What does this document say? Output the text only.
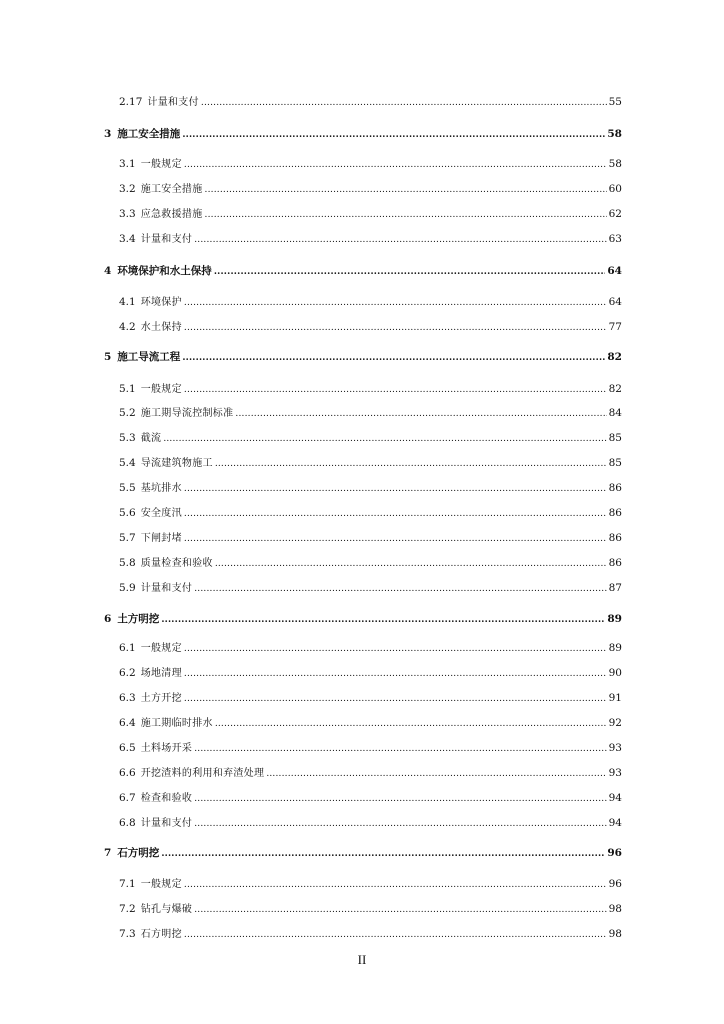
2.17 计量和支付 .....	55
3 施工安全措施 .....	58
3.1 一般规定 .....	58
3.2 施工安全措施 .....	60
3.3 应急救援措施 .....	62
3.4 计量和支付 .....	63
4 环境保护和水土保持 .....	64
4.1 环境保护 .....	64
4.2 水土保持 .....	77
5 施工导流工程 .....	82
5.1 一般规定 .....	82
5.2 施工期导流控制标准 .....	84
5.3 截流 .....	85
5.4 导流建筑物施工 .....	85
5.5 基坑排水 .....	86
5.6 安全度汛 .....	86
5.7 下闸封堵 .....	86
5.8 质量检查和验收 .....	86
5.9 计量和支付 .....	87
6 土方明挖 .....	89
6.1 一般规定 .....	89
6.2 场地清理 .....	90
6.3 土方开挖 .....	91
6.4 施工期临时排水 .....	92
6.5 土料场开采 .....	93
6.6 开挖渣料的利用和弃渣处理 .....	93
6.7 检查和验收 .....	94
6.8 计量和支付 .....	94
7 石方明挖 .....	96
7.1 一般规定 .....	96
7.2 钻孔与爆破 .....	98
7.3 石方明挖 .....	98
II
